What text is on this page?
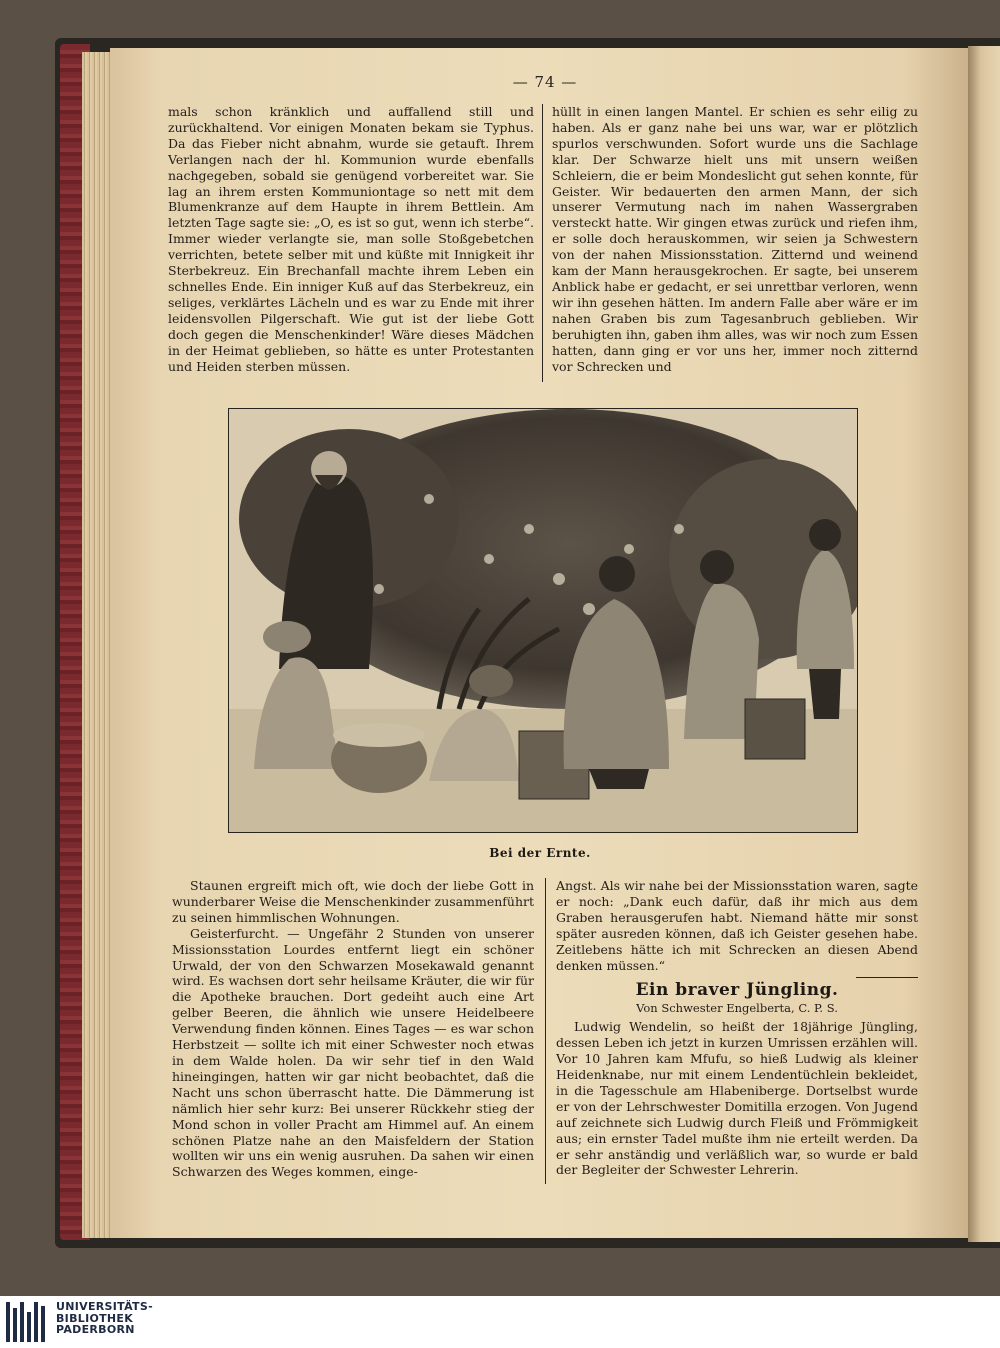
— 74 —

mals schon kränklich und auffallend still und zurückhaltend. Vor einigen Monaten bekam sie Typhus. Da das Fieber nicht abnahm, wurde sie getauft. Ihrem Verlangen nach der hl. Kommunion wurde ebenfalls nachgegeben, sobald sie genügend vorbereitet war. Sie lag an ihrem ersten Kommuniontage so nett mit dem Blumenkranze auf dem Haupte in ihrem Bettlein. Am letzten Tage sagte sie: „O, es ist so gut, wenn ich sterbe“. Immer wieder verlangte sie, man solle Stoßgebetchen verrichten, betete selber mit und küßte mit Innigkeit ihr Sterbekreuz. Ein Brechanfall machte ihrem Leben ein schnelles Ende. Ein inniger Kuß auf das Sterbekreuz, ein seliges, verklärtes Lächeln und es war zu Ende mit ihrer leidensvollen Pilgerschaft. Wie gut ist der liebe Gott doch gegen die Menschenkinder! Wäre dieses Mädchen in der Heimat geblieben, so hätte es unter Protestanten und Heiden sterben müssen.

hüllt in einen langen Mantel. Er schien es sehr eilig zu haben. Als er ganz nahe bei uns war, war er plötzlich spurlos verschwunden. Sofort wurde uns die Sachlage klar. Der Schwarze hielt uns mit unsern weißen Schleiern, die er beim Mondeslicht gut sehen konnte, für Geister. Wir bedauerten den armen Mann, der sich unserer Vermutung nach im nahen Wassergraben versteckt hatte. Wir gingen etwas zurück und riefen ihm, er solle doch herauskommen, wir seien ja Schwestern von der nahen Missionsstation. Zitternd und weinend kam der Mann herausgekrochen. Er sagte, bei unserem Anblick habe er gedacht, er sei unrettbar verloren, wenn wir ihn gesehen hätten. Im andern Falle aber wäre er im nahen Graben bis zum Tagesanbruch geblieben. Wir beruhigten ihn, gaben ihm alles, was wir noch zum Essen hatten, dann ging er vor uns her, immer noch zitternd vor Schrecken und

Bei der Ernte.

Staunen ergreift mich oft, wie doch der liebe Gott in wunderbarer Weise die Menschenkinder zusammenführt zu seinen himmlischen Wohnungen.

Geisterfurcht. — Ungefähr 2 Stunden von unserer Missionsstation Lourdes entfernt liegt ein schöner Urwald, der von den Schwarzen Mosekawald genannt wird. Es wachsen dort sehr heilsame Kräuter, die wir für die Apotheke brauchen. Dort gedeiht auch eine Art gelber Beeren, die ähnlich wie unsere Heidelbeere Verwendung finden können. Eines Tages — es war schon Herbstzeit — sollte ich mit einer Schwester noch etwas in dem Walde holen. Da wir sehr tief in den Wald hineingingen, hatten wir gar nicht beobachtet, daß die Nacht uns schon überrascht hatte. Die Dämmerung ist nämlich hier sehr kurz: Bei unserer Rückkehr stieg der Mond schon in voller Pracht am Himmel auf. An einem schönen Platze nahe an den Maisfeldern der Station wollten wir uns ein wenig ausruhen. Da sahen wir einen Schwarzen des Weges kommen, einge-

Angst. Als wir nahe bei der Missionsstation waren, sagte er noch: „Dank euch dafür, daß ihr mich aus dem Graben herausgerufen habt. Niemand hätte mir sonst später ausreden können, daß ich Geister gesehen habe. Zeitlebens hätte ich mit Schrecken an diesen Abend denken müssen.“

Ein braver Jüngling.
Von Schwester Engelberta, C. P. S.

Ludwig Wendelin, so heißt der 18jährige Jüngling, dessen Leben ich jetzt in kurzen Umrissen erzählen will. Vor 10 Jahren kam Mfufu, so hieß Ludwig als kleiner Heidenknabe, nur mit einem Lendentüchlein bekleidet, in die Tagesschule am Hlabeniberge. Dortselbst wurde er von der Lehrschwester Domitilla erzogen. Von Jugend auf zeichnete sich Ludwig durch Fleiß und Frömmigkeit aus; ein ernster Tadel mußte ihm nie erteilt werden. Da er sehr anständig und verläßlich war, so wurde er bald der Begleiter der Schwester Lehrerin.

UNIVERSITÄTS-
BIBLIOTHEK
PADERBORN
